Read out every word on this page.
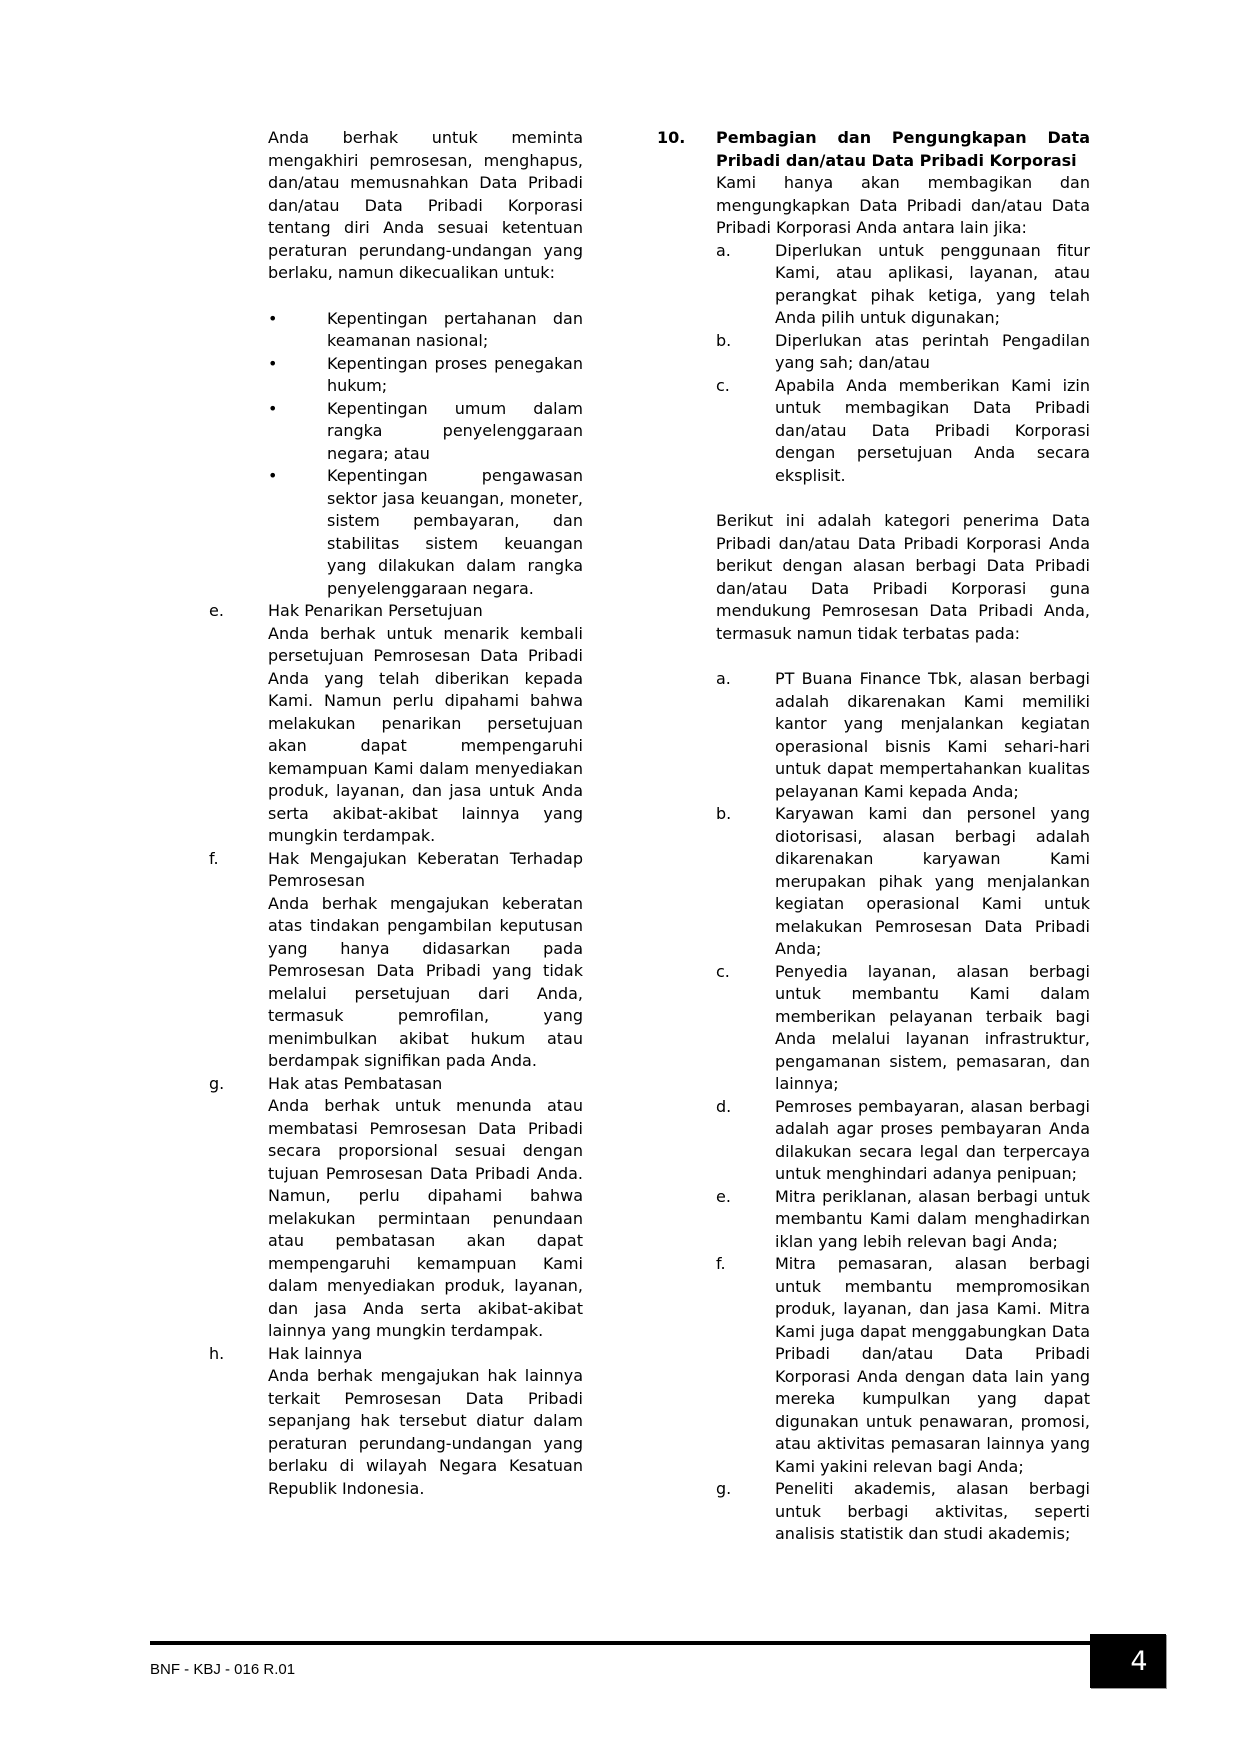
Anda berhak untuk meminta mengakhiri pemrosesan, menghapus, dan/atau memusnahkan Data Pribadi dan/atau Data Pribadi Korporasi tentang diri Anda sesuai ketentuan peraturan perundang-undangan yang berlaku, namun dikecualikan untuk:
•	Kepentingan pertahanan dan keamanan nasional;
•	Kepentingan proses penegakan hukum;
•	Kepentingan umum dalam rangka penyelenggaraan negara; atau
•	Kepentingan pengawasan sektor jasa keuangan, moneter, sistem pembayaran, dan stabilitas sistem keuangan yang dilakukan dalam rangka penyelenggaraan negara.
e.	Hak Penarikan Persetujuan
Anda berhak untuk menarik kembali persetujuan Pemrosesan Data Pribadi Anda yang telah diberikan kepada Kami. Namun perlu dipahami bahwa melakukan penarikan persetujuan akan dapat mempengaruhi kemampuan Kami dalam menyediakan produk, layanan, dan jasa untuk Anda serta akibat-akibat lainnya yang mungkin terdampak.
f.	Hak Mengajukan Keberatan Terhadap Pemrosesan
Anda berhak mengajukan keberatan atas tindakan pengambilan keputusan yang hanya didasarkan pada Pemrosesan Data Pribadi yang tidak melalui persetujuan dari Anda, termasuk pemrofilan, yang menimbulkan akibat hukum atau berdampak signifikan pada Anda.
g.	Hak atas Pembatasan
Anda berhak untuk menunda atau membatasi Pemrosesan Data Pribadi secara proporsional sesuai dengan tujuan Pemrosesan Data Pribadi Anda. Namun, perlu dipahami bahwa melakukan permintaan penundaan atau pembatasan akan dapat mempengaruhi kemampuan Kami dalam menyediakan produk, layanan, dan jasa Anda serta akibat-akibat lainnya yang mungkin terdampak.
h.	Hak lainnya
Anda berhak mengajukan hak lainnya terkait Pemrosesan Data Pribadi sepanjang hak tersebut diatur dalam peraturan perundang-undangan yang berlaku di wilayah Negara Kesatuan Republik Indonesia.
10.	Pembagian dan Pengungkapan Data Pribadi dan/atau Data Pribadi Korporasi
Kami hanya akan membagikan dan mengungkapkan Data Pribadi dan/atau Data Pribadi Korporasi Anda antara lain jika:
a.	Diperlukan untuk penggunaan fitur Kami, atau aplikasi, layanan, atau perangkat pihak ketiga, yang telah Anda pilih untuk digunakan;
b.	Diperlukan atas perintah Pengadilan yang sah; dan/atau
c.	Apabila Anda memberikan Kami izin untuk membagikan Data Pribadi dan/atau Data Pribadi Korporasi dengan persetujuan Anda secara eksplisit.
Berikut ini adalah kategori penerima Data Pribadi dan/atau Data Pribadi Korporasi Anda berikut dengan alasan berbagi Data Pribadi dan/atau Data Pribadi Korporasi guna mendukung Pemrosesan Data Pribadi Anda, termasuk namun tidak terbatas pada:
a.	PT Buana Finance Tbk, alasan berbagi adalah dikarenakan Kami memiliki kantor yang menjalankan kegiatan operasional bisnis Kami sehari-hari untuk dapat mempertahankan kualitas pelayanan Kami kepada Anda;
b.	Karyawan kami dan personel yang diotorisasi, alasan berbagi adalah dikarenakan karyawan Kami merupakan pihak yang menjalankan kegiatan operasional Kami untuk melakukan Pemrosesan Data Pribadi Anda;
c.	Penyedia layanan, alasan berbagi untuk membantu Kami dalam memberikan pelayanan terbaik bagi Anda melalui layanan infrastruktur, pengamanan sistem, pemasaran, dan lainnya;
d.	Pemroses pembayaran, alasan berbagi adalah agar proses pembayaran Anda dilakukan secara legal dan terpercaya untuk menghindari adanya penipuan;
e.	Mitra periklanan, alasan berbagi untuk membantu Kami dalam menghadirkan iklan yang lebih relevan bagi Anda;
f.	Mitra pemasaran, alasan berbagi untuk membantu mempromosikan produk, layanan, dan jasa Kami. Mitra Kami juga dapat menggabungkan Data Pribadi dan/atau Data Pribadi Korporasi Anda dengan data lain yang mereka kumpulkan yang dapat digunakan untuk penawaran, promosi, atau aktivitas pemasaran lainnya yang Kami yakini relevan bagi Anda;
g.	Peneliti akademis, alasan berbagi untuk berbagi aktivitas, seperti analisis statistik dan studi akademis;
BNF - KBJ - 016 R.01	4
